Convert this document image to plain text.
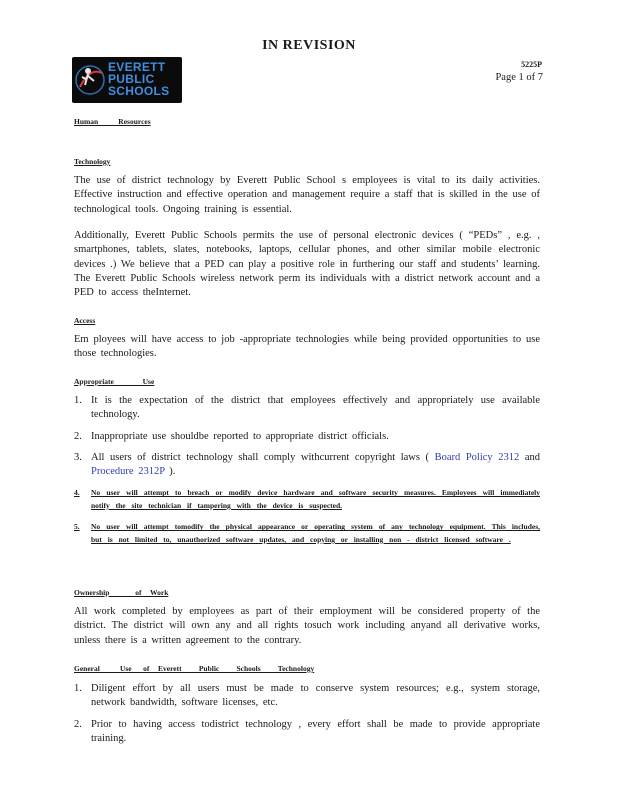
IN REVISION
EVERETT
PUBLIC
SCHOOLS
5225P
Page 1 of 7
Human       Resources
Technology
The use of district technology by Everett Public School s employees is vital to its daily activities. Effective instruction and effective operation and management require a staff that is skilled in the use of technological tools. Ongoing training is essential.
Additionally, Everett Public Schools permits the use of personal electronic devices ( “PEDs” , e.g. , smartphones, tablets, slates, notebooks, laptops, cellular phones, and other similar mobile electronic devices .) We believe that a PED can play a positive role in furthering our staff and students’ learning. The Everett Public Schools wireless network perm its individuals with a district network account and a PED to access theInternet.
Access
Em ployees will have access to job -appropriate technologies while being provided opportunities to use those technologies.
Appropriate          Use
1. It is the expectation of the district that employees effectively and appropriately use available technology.
2. Inappropriate use shouldbe reported to appropriate district officials.
3. All users of district technology shall comply withcurrent copyright laws ( Board Policy 2312 and Procedure 2312P ).
4. No user will attempt to breach or modify device hardware and software security measures. Employees will immediately notify the site technician if tampering with the device is suspected.
5. No user will attempt tomodify the physical appearance or operating system of any technology equipment. This includes, but is not limited to, unauthorized software updates, and copying or installing non - district licensed software .
Ownership         of   Work
All work completed by employees as part of their employment will be considered property of the district. The district will own any and all rights tosuch work including anyand all derivative works, unless there is a written agreement to the contrary.
General       Use    of   Everett      Public      Schools      Technology
1. Diligent effort by all users must be made to conserve system resources; e.g., system storage, network bandwidth, software licenses, etc.
2. Prior to having access todistrict technology , every effort shall be made to provide appropriate training.
